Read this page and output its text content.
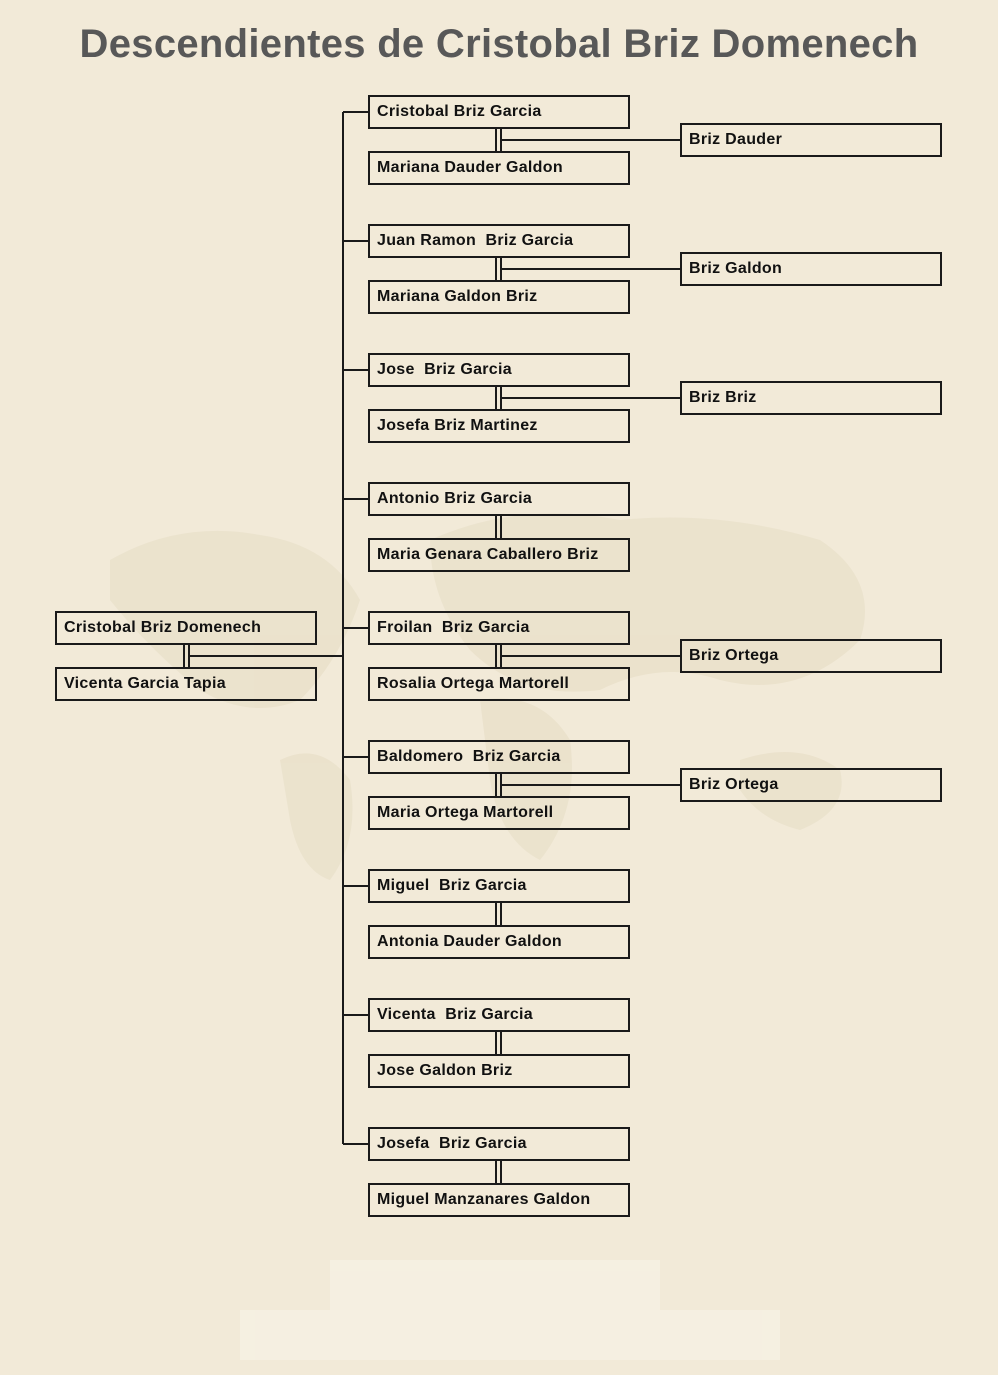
Descendientes de Cristobal Briz Domenech
Cristobal Briz Domenech
Vicenta Garcia Tapia
Cristobal Briz Garcia
Mariana Dauder Galdon
Briz Dauder
Juan Ramon  Briz Garcia
Mariana Galdon Briz
Briz Galdon
Jose  Briz Garcia
Josefa Briz Martinez
Briz Briz
Antonio Briz Garcia
Maria Genara Caballero Briz
Froilan  Briz Garcia
Rosalia Ortega Martorell
Briz Ortega
Baldomero  Briz Garcia
Maria Ortega Martorell
Briz Ortega
Miguel  Briz Garcia
Antonia Dauder Galdon
Vicenta  Briz Garcia
Jose Galdon Briz
Josefa  Briz Garcia
Miguel Manzanares Galdon
